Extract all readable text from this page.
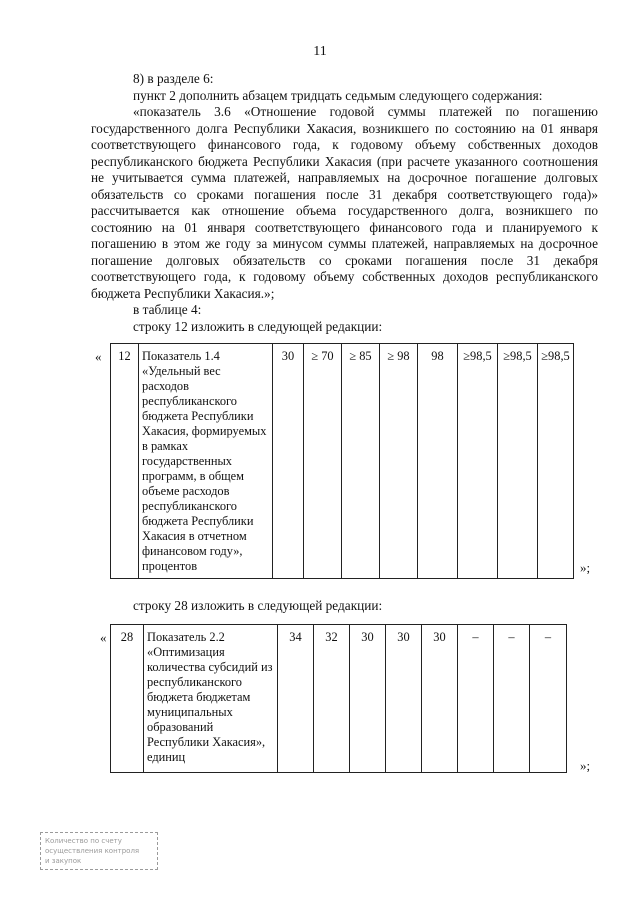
11

8) в разделе 6:

пункт 2 дополнить абзацем тридцать седьмым следующего содержания:

«показатель 3.6 «Отношение годовой суммы платежей по погашению государственного долга Республики Хакасия, возникшего по состоянию на 01 января соответствующего финансового года, к годовому объему собственных доходов республиканского бюджета Республики Хакасия (при расчете указанного соотношения не учитывается сумма платежей, направляемых на досрочное погашение долговых обязательств со сроками погашения после 31 декабря соответствующего года)» рассчитывается как отношение объема государственного долга, возникшего по состоянию на 01 января соответствующего финансового года и планируемого к погашению в этом же году за минусом суммы платежей, направляемых на досрочное погашение долговых обязательств со сроками погашения после 31 декабря соответствующего года, к годовому объему собственных доходов республиканского бюджета Республики Хакасия.»;

в таблице 4:

строку 12 изложить в следующей редакции:

« 12	Показатель 1.4 «Удельный вес расходов республиканского бюджета Республики Хакасия, формируемых в рамках государственных программ, в общем объеме расходов республиканского бюджета Республики Хакасия в отчетном финансовом году», процентов	30	≥ 70	≥ 85	≥ 98	98	≥98,5	≥98,5	≥98,5
»;
строку 28 изложить в следующей редакции:
« 28	Показатель 2.2 «Оптимизация количества субсидий из республиканского бюджета бюджетам муниципальных образований Республики Хакасия», единиц	34	32	30	30	30	–	–	–
»;
Количество по счету
осуществления контроля
и закупок
